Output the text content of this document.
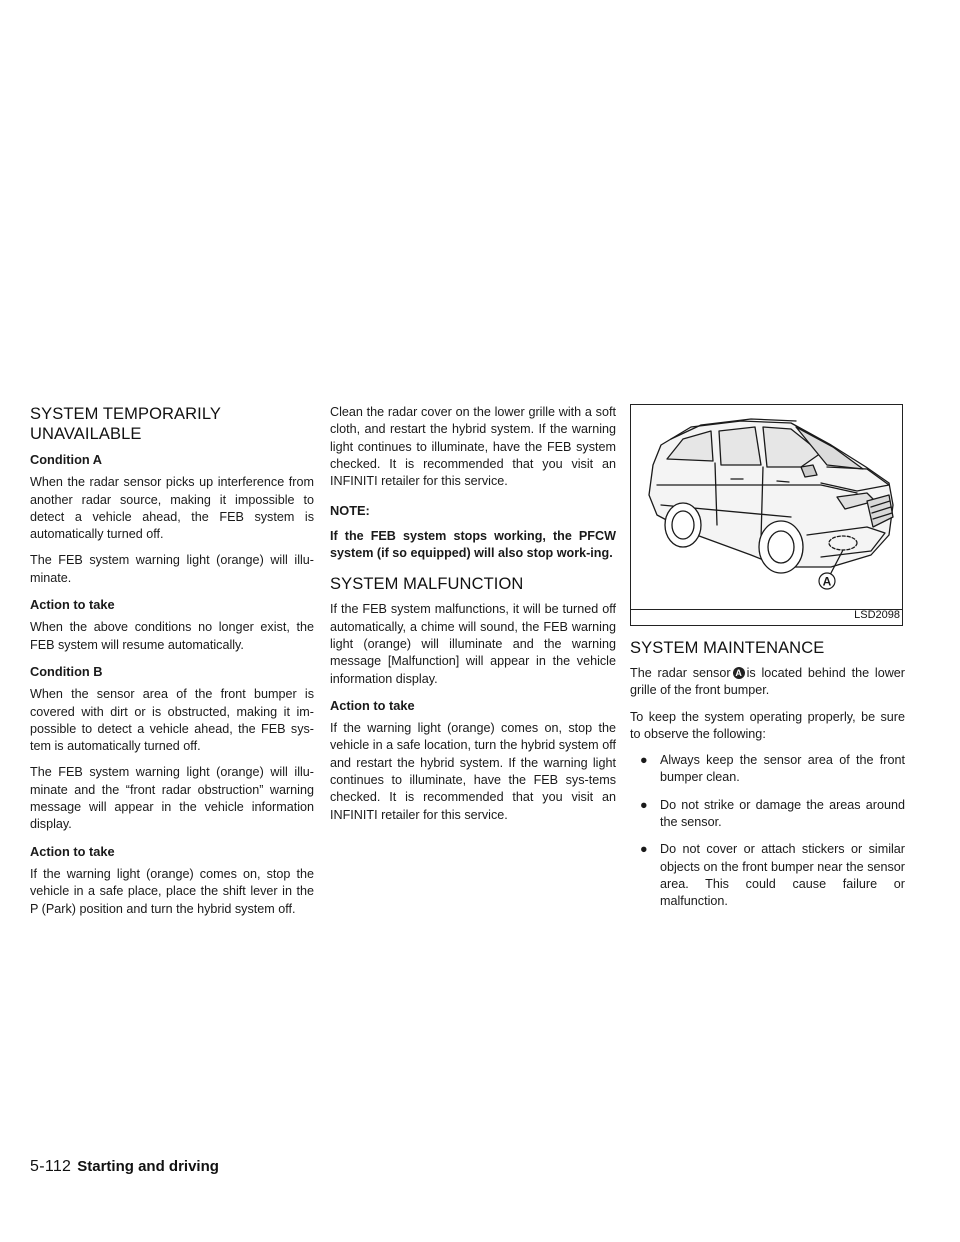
SYSTEM TEMPORARILY UNAVAILABLE
Condition A

When the radar sensor picks up interference from another radar source, making it impossible to detect a vehicle ahead, the FEB system is automatically turned off.

The FEB system warning light (orange) will illu-minate.

Action to take

When the above conditions no longer exist, the FEB system will resume automatically.

Condition B

When the sensor area of the front bumper is covered with dirt or is obstructed, making it im-possible to detect a vehicle ahead, the FEB sys-tem is automatically turned off.

The FEB system warning light (orange) will illu-minate and the “front radar obstruction” warning message will appear in the vehicle information display.

Action to take

If the warning light (orange) comes on, stop the vehicle in a safe place, place the shift lever in the P (Park) position and turn the hybrid system off.

Clean the radar cover on the lower grille with a soft cloth, and restart the hybrid system. If the warning light continues to illuminate, have the FEB system checked. It is recommended that you visit an INFINITI retailer for this service.

NOTE:

If the FEB system stops working, the PFCW system (if so equipped) will also stop work-ing.

SYSTEM MALFUNCTION

If the FEB system malfunctions, it will be turned off automatically, a chime will sound, the FEB warning light (orange) will illuminate and the warning message [Malfunction] will appear in the vehicle information display.

Action to take

If the warning light (orange) comes on, stop the vehicle in a safe location, turn the hybrid system off and restart the hybrid system. If the warning light continues to illuminate, have the FEB sys-tems checked. It is recommended that you visit an INFINITI retailer for this service.

A
LSD2098
SYSTEM MAINTENANCE

The radar sensor A is located behind the lower grille of the front bumper.

To keep the system operating properly, be sure to observe the following:

● Always keep the sensor area of the front bumper clean.
● Do not strike or damage the areas around the sensor.
● Do not cover or attach stickers or similar objects on the front bumper near the sensor area. This could cause failure or malfunction.
5-112 Starting and driving
